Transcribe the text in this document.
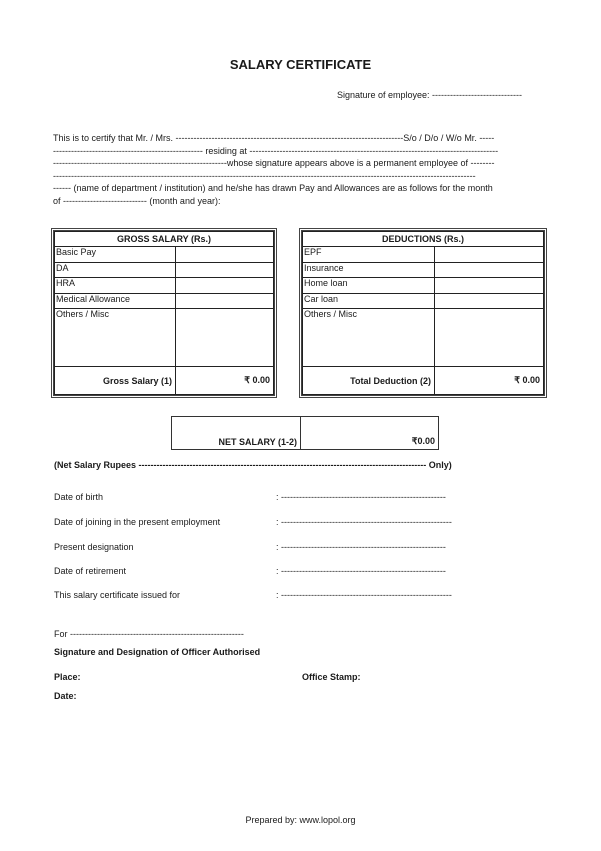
SALARY CERTIFICATE
Signature of employee: ------------------------------
This is to certify that Mr. / Mrs. ----------------------------------------------------------------------------S/o / D/o / W/o Mr. -----
-------------------------------------------------- residing at -----------------------------------------------------------------------------------
----------------------------------------------------------whose signature appears above is a permanent employee of --------
---------------------------------------------------------------------------------------------------------------------------------------------
------ (name of department / institution) and he/she has drawn Pay and Allowances are as follows for the month
of ---------------------------- (month and year):
GROSS SALARY (Rs.)	
Basic Pay	
DA	
HRA	
Medical Allowance	
Others / Misc	
Gross Salary (1)	₹ 0.00
DEDUCTIONS (Rs.)	
EPF	
Insurance	
Home loan	
Car loan	
Others / Misc	
Total Deduction (2)	₹ 0.00
NET SALARY (1-2)	₹0.00
(Net Salary Rupees ------------------------------------------------------------------------------------------------ Only)
Date of birth	: -------------------------------------------------------
Date of joining in the present employment	: ---------------------------------------------------------
Present designation	: -------------------------------------------------------
Date of retirement	: -------------------------------------------------------
This salary certificate issued for	: ---------------------------------------------------------
For ----------------------------------------------------------
Signature and Designation of Officer Authorised
Place:	Office Stamp:
Date:
Prepared by: www.lopol.org
